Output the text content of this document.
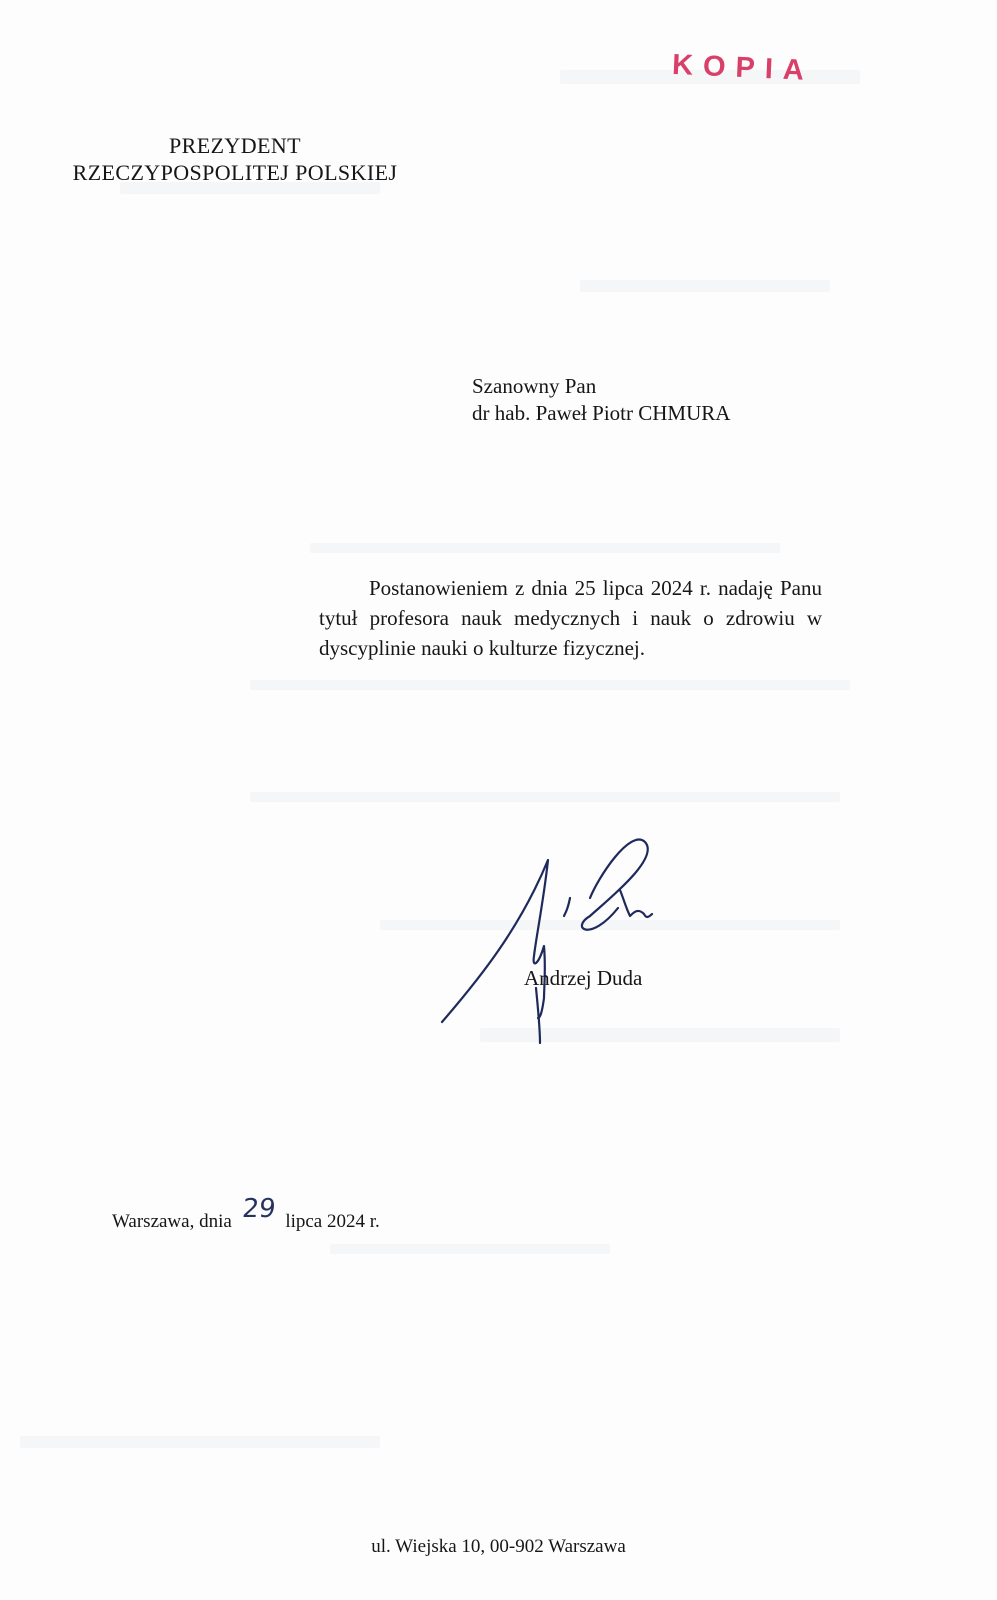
PREZYDENT
RZECZYPOSPOLITEJ POLSKIEJ
KOPIA
Szanowny Pan
dr hab. Paweł Piotr CHMURA

Postanowieniem z dnia 25 lipca 2024 r. nadaję Panu tytuł profesora nauk medycznych i nauk o zdrowiu w dyscyplinie nauki o kulturze fizycznej.

Andrzej Duda
Warszawa, dnia 29 lipca 2024 r.
ul. Wiejska 10, 00-902 Warszawa
